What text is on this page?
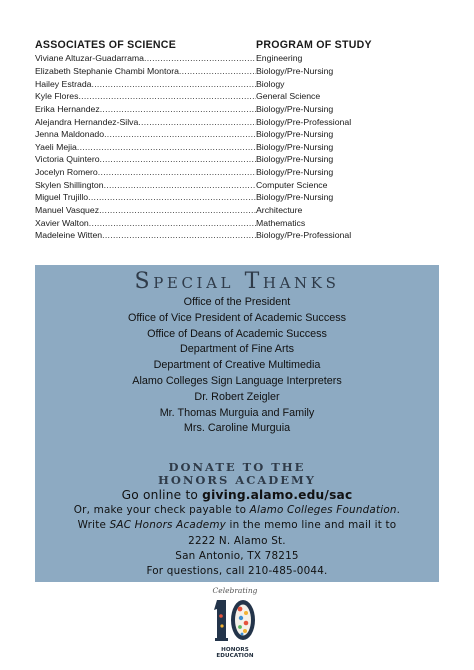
ASSOCIATES OF SCIENCE	PROGRAM OF STUDY
Viviane Altuzar-Guadarrama .....	Engineering
Elizabeth Stephanie Chambi Montora .....	Biology/Pre-Nursing
Hailey Estrada .....	Biology
Kyle Flores .....	General Science
Erika Hernandez .....	Biology/Pre-Nursing
Alejandra Hernandez-Silva .....	Biology/Pre-Professional
Jenna Maldonado .....	Biology/Pre-Nursing
Yaeli Mejia .....	Biology/Pre-Nursing
Victoria Quintero .....	Biology/Pre-Nursing
Jocelyn Romero .....	Biology/Pre-Nursing
Skylen Shillington .....	Computer Science
Miguel Trujillo .....	Biology/Pre-Nursing
Manuel Vasquez .....	Architecture
Xavier Walton .....	Mathematics
Madeleine Witten .....	Biology/Pre-Professional
Special Thanks
Office of the President
Office of Vice President of Academic Success
Office of Deans of Academic Success
Department of Fine Arts
Department of Creative Multimedia
Alamo Colleges Sign Language Interpreters
Dr. Robert Zeigler
Mr. Thomas Murguia and Family
Mrs. Caroline Murguia
DONATE TO THE
HONORS ACADEMY
Go online to giving.alamo.edu/sac
Or, make your check payable to Alamo Colleges Foundation.
Write SAC Honors Academy in the memo line and mail it to
2222 N. Alamo St.
San Antonio, TX 78215
For questions, call 210-485-0044.
Celebrating
HONORS EDUCATION
